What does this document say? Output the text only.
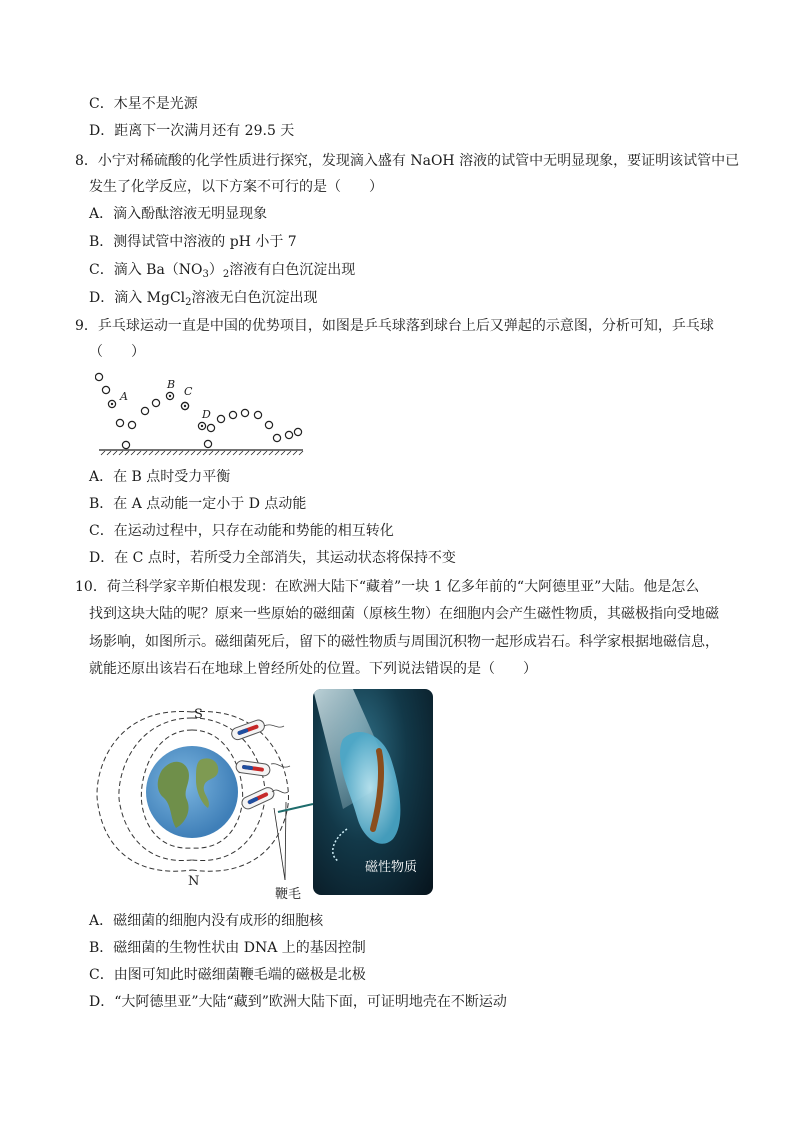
C．木星不是光源
D．距离下一次满月还有 29.5 天
8．小宁对稀硫酸的化学性质进行探究，发现滴入盛有 NaOH 溶液的试管中无明显现象，要证明该试管中已
发生了化学反应，以下方案不可行的是（　　）
A．滴入酚酞溶液无明显现象
B．测得试管中溶液的 pH 小于 7
C．滴入 $Ba(NO_3)_2$溶液有白色沉淀出现
D．滴入 MgCl$_2$溶液无白色沉淀出现
9．乒乓球运动一直是中国的优势项目，如图是乒乓球落到球台上后又弹起的示意图，分析可知，乒乓球
（　　）
A
B
C
D
A．在 B 点时受力平衡
B．在 A 点动能一定小于 D 点动能
C．在运动过程中，只存在动能和势能的相互转化
D．在 C 点时，若所受力全部消失，其运动状态将保持不变
10．荷兰科学家辛斯伯根发现：在欧洲大陆下“藏着”一块 1 亿多年前的“大阿德里亚”大陆。他是怎么
找到这块大陆的呢？原来一些原始的磁细菌（原核生物）在细胞内会产生磁性物质，其磁极指向受地磁
场影响，如图所示。磁细菌死后，留下的磁性物质与周围沉积物一起形成岩石。科学家根据地磁信息，
就能还原出该岩石在地球上曾经所处的位置。下列说法错误的是（　　）
S
N
鞭毛
磁性物质
A．磁细菌的细胞内没有成形的细胞核
B．磁细菌的生物性状由 DNA 上的基因控制
C．由图可知此时磁细菌鞭毛端的磁极是北极
D．“大阿德里亚”大陆“藏到”欧洲大陆下面，可证明地壳在不断运动
